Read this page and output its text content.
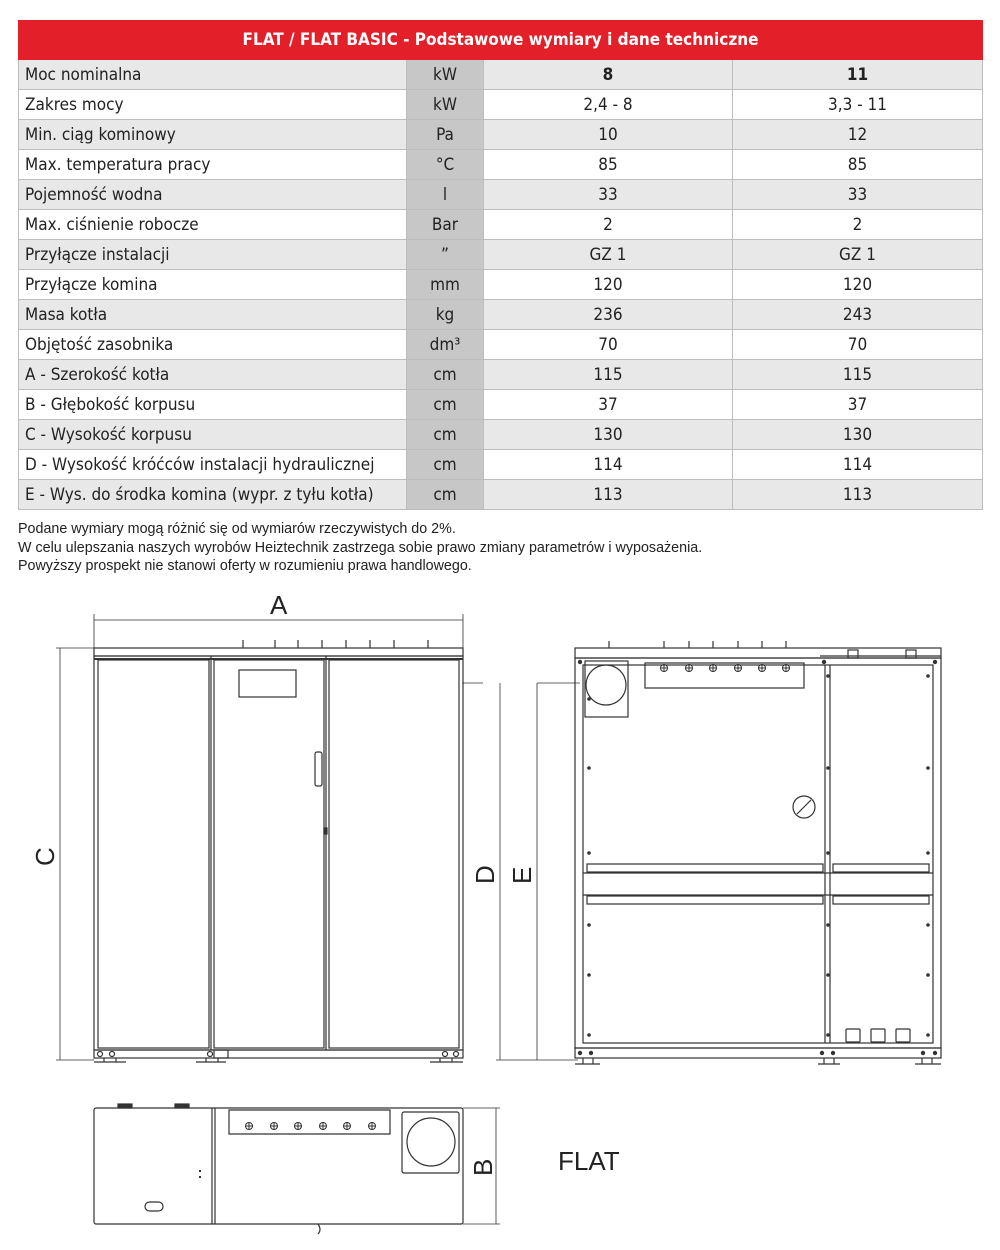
FLAT / FLAT BASIC - Podstawowe wymiary i dane techniczne			
Moc nominalna	kW	8	11
Zakres mocy	kW	2,4 - 8	3,3 - 11
Min. ciąg kominowy	Pa	10	12
Max. temperatura pracy	°C	85	85
Pojemność wodna	l	33	33
Max. ciśnienie robocze	Bar	2	2
Przyłącze instalacji	”	GZ 1	GZ 1
Przyłącze komina	mm	120	120
Masa kotła	kg	236	243
Objętość zasobnika	dm³	70	70
A - Szerokość kotła	cm	115	115
B - Głębokość korpusu	cm	37	37
C - Wysokość korpusu	cm	130	130
D - Wysokość króćców instalacji hydraulicznej	cm	114	114
E - Wys. do środka komina (wypr. z tyłu kotła)	cm	113	113
Podane wymiary mogą różnić się od wymiarów rzeczywistych do 2%.
W celu ulepszania naszych wyrobów Heiztechnik zastrzega sobie prawo zmiany parametrów i wyposażenia.
Powyższy prospekt nie stanowi oferty w rozumieniu prawa handlowego.
A
C
D E
B FLAT
